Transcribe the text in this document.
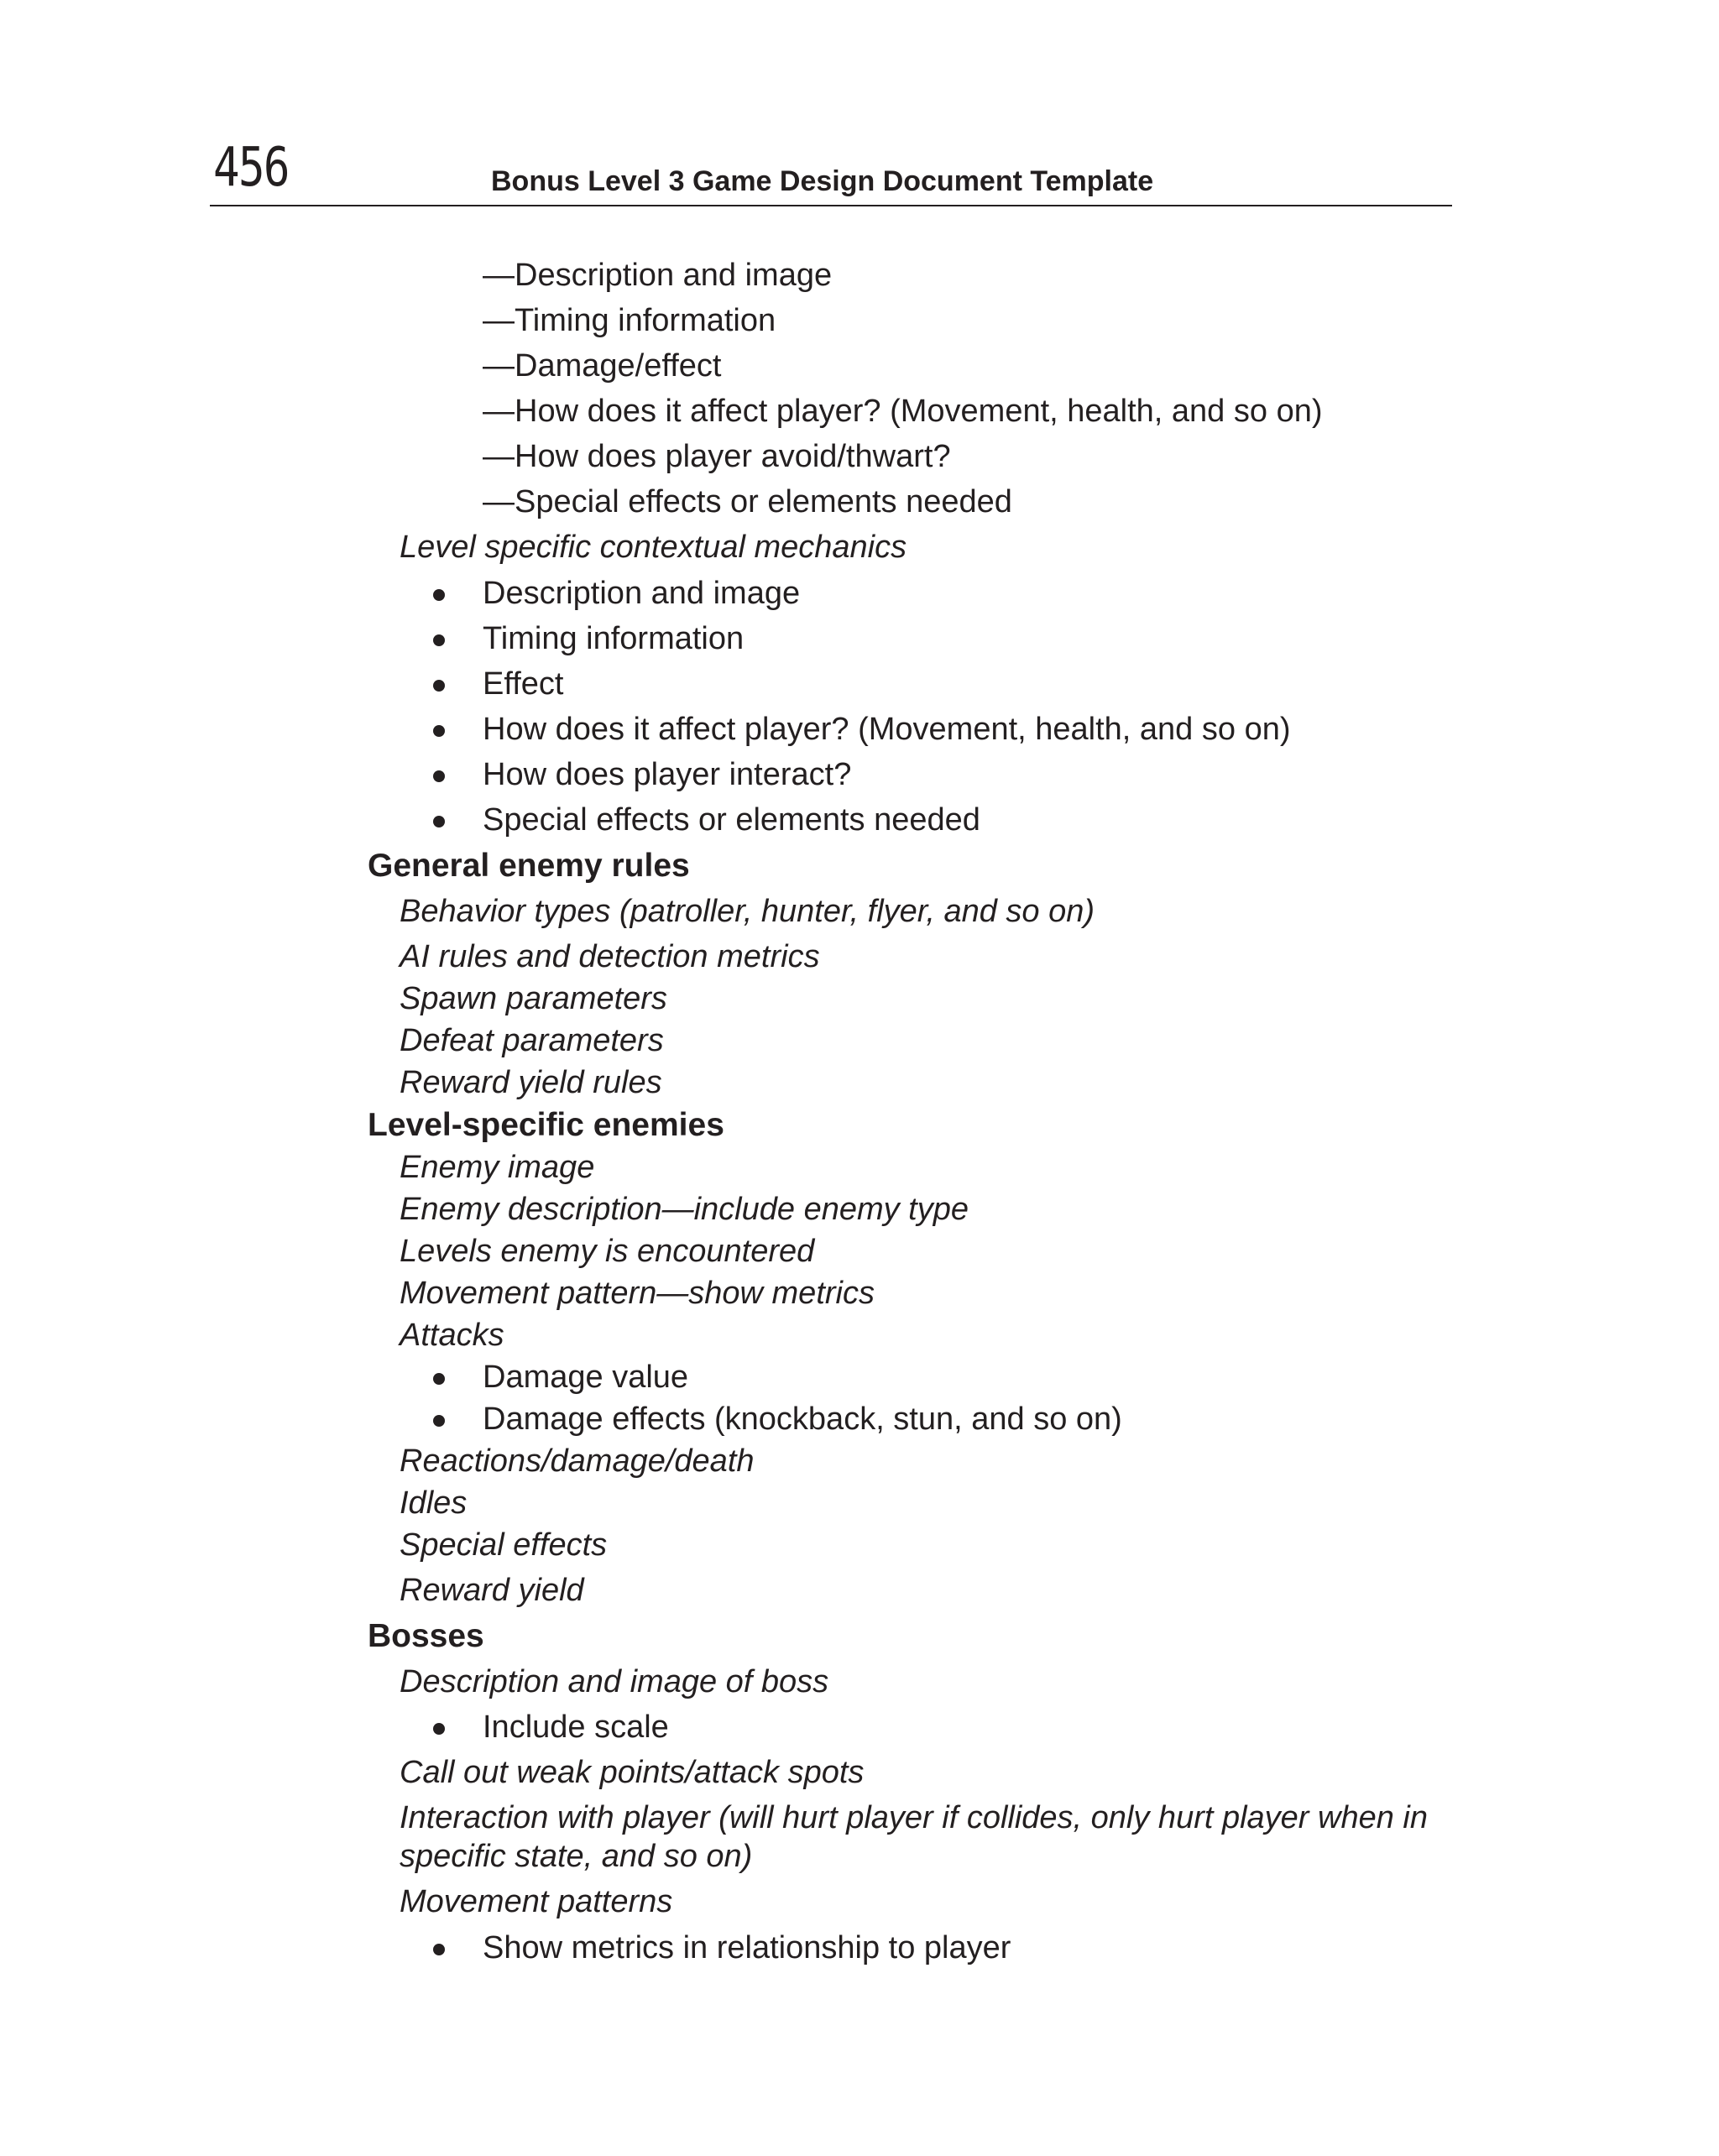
456	Bonus Level 3 Game Design Document Template
—Description and image
—Timing information
—Damage/effect
—How does it affect player? (Movement, health, and so on)
—How does player avoid/thwart?
—Special effects or elements needed
Level specific contextual mechanics
Description and image
Timing information
Effect
How does it affect player? (Movement, health, and so on)
How does player interact?
Special effects or elements needed
General enemy rules
Behavior types (patroller, hunter, flyer, and so on)
AI rules and detection metrics
Spawn parameters
Defeat parameters
Reward yield rules
Level-specific enemies
Enemy image
Enemy description—include enemy type
Levels enemy is encountered
Movement pattern—show metrics
Attacks
Damage value
Damage effects (knockback, stun, and so on)
Reactions/damage/death
Idles
Special effects
Reward yield
Bosses
Description and image of boss
Include scale
Call out weak points/attack spots
Interaction with player (will hurt player if collides, only hurt player when in
specific state, and so on)
Movement patterns
Show metrics in relationship to player
